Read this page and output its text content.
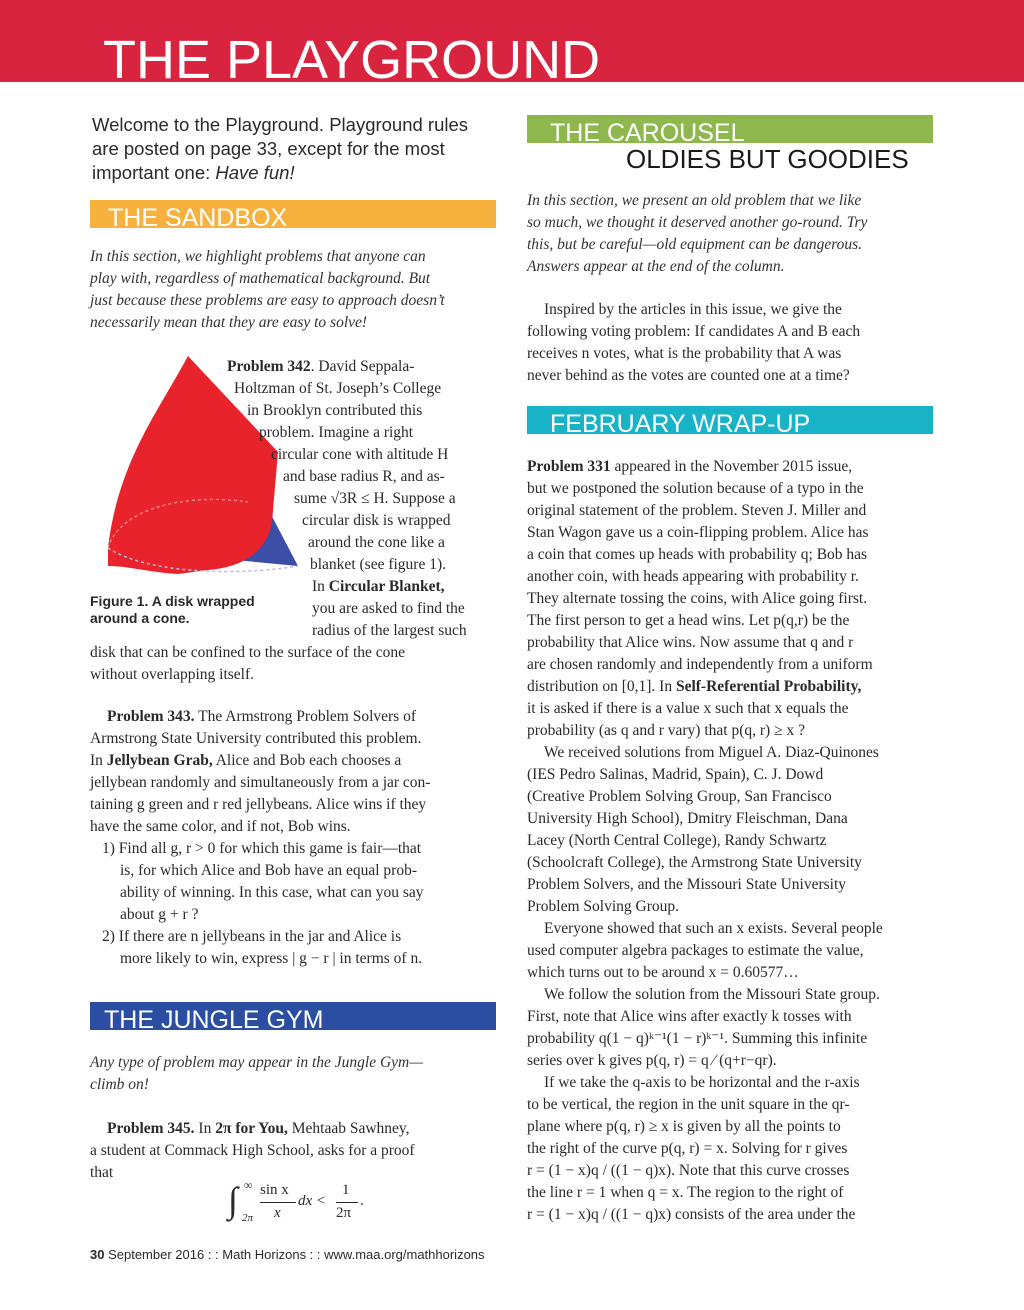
THE PLAYGROUND
Welcome to the Playground. Playground rules
are posted on page 33, except for the most
important one: Have fun!
THE SANDBOX
In this section, we highlight problems that anyone can
play with, regardless of mathematical background. But
just because these problems are easy to approach doesn’t
necessarily mean that they are easy to solve!
Problem 342. David Seppala-
Holtzman of St. Joseph’s College
in Brooklyn contributed this
problem. Imagine a right
circular cone with altitude H
and base radius R, and as-
sume √3R ≤ H. Suppose a
circular disk is wrapped
around the cone like a
blanket (see figure 1).
In Circular Blanket,
you are asked to find the
radius of the largest such
disk that can be confined to the surface of the cone
without overlapping itself.
Figure 1. A disk wrapped around a cone.
Problem 343. The Armstrong Problem Solvers of
Armstrong State University contributed this problem.
In Jellybean Grab, Alice and Bob each chooses a
jellybean randomly and simultaneously from a jar con-
taining g green and r red jellybeans. Alice wins if they
have the same color, and if not, Bob wins.
1) Find all g, r > 0 for which this game is fair—that
is, for which Alice and Bob have an equal prob-
ability of winning. In this case, what can you say
about g + r ?
2) If there are n jellybeans in the jar and Alice is
more likely to win, express | g − r | in terms of n.
THE JUNGLE GYM
Any type of problem may appear in the Jungle Gym—
climb on!
Problem 345. In 2π for You, Mehtaab Sawhney,
a student at Commack High School, asks for a proof
that
∫ ∞
2π
sin x
x
dx <
1
2π
.
THE CAROUSEL
OLDIES BUT GOODIES
In this section, we present an old problem that we like
so much, we thought it deserved another go-round. Try
this, but be careful—old equipment can be dangerous.
Answers appear at the end of the column.
Inspired by the articles in this issue, we give the
following voting problem: If candidates A and B each
receives n votes, what is the probability that A was
never behind as the votes are counted one at a time?
FEBRUARY WRAP-UP
Problem 331 appeared in the November 2015 issue,
but we postponed the solution because of a typo in the
original statement of the problem. Steven J. Miller and
Stan Wagon gave us a coin-flipping problem. Alice has
a coin that comes up heads with probability q; Bob has
another coin, with heads appearing with probability r.
They alternate tossing the coins, with Alice going first.
The first person to get a head wins. Let p(q,r) be the
probability that Alice wins. Now assume that q and r
are chosen randomly and independently from a uniform
distribution on [0,1]. In Self-Referential Probability,
it is asked if there is a value x such that x equals the
probability (as q and r vary) that p(q, r) ≥ x ?
We received solutions from Miguel A. Diaz-Quinones
(IES Pedro Salinas, Madrid, Spain), C. J. Dowd
(Creative Problem Solving Group, San Francisco
University High School), Dmitry Fleischman, Dana
Lacey (North Central College), Randy Schwartz
(Schoolcraft College), the Armstrong State University
Problem Solvers, and the Missouri State University
Problem Solving Group.
Everyone showed that such an x exists. Several people
used computer algebra packages to estimate the value,
which turns out to be around x = 0.60577…
We follow the solution from the Missouri State group.
First, note that Alice wins after exactly k tosses with
probability q(1 − q)ᵏ⁻¹(1 − r)ᵏ⁻¹. Summing this infinite
series over k gives p(q, r) = q ⁄ (q+r−qr).
If we take the q-axis to be horizontal and the r-axis
to be vertical, the region in the unit square in the qr-
plane where p(q, r) ≥ x is given by all the points to
the right of the curve p(q, r) = x. Solving for r gives
r = (1 − x)q / ((1 − q)x). Note that this curve crosses
the line r = 1 when q = x. The region to the right of
r = (1 − x)q / ((1 − q)x) consists of the area under the
30 September 2016 : : Math Horizons : : www.maa.org/mathhorizons
